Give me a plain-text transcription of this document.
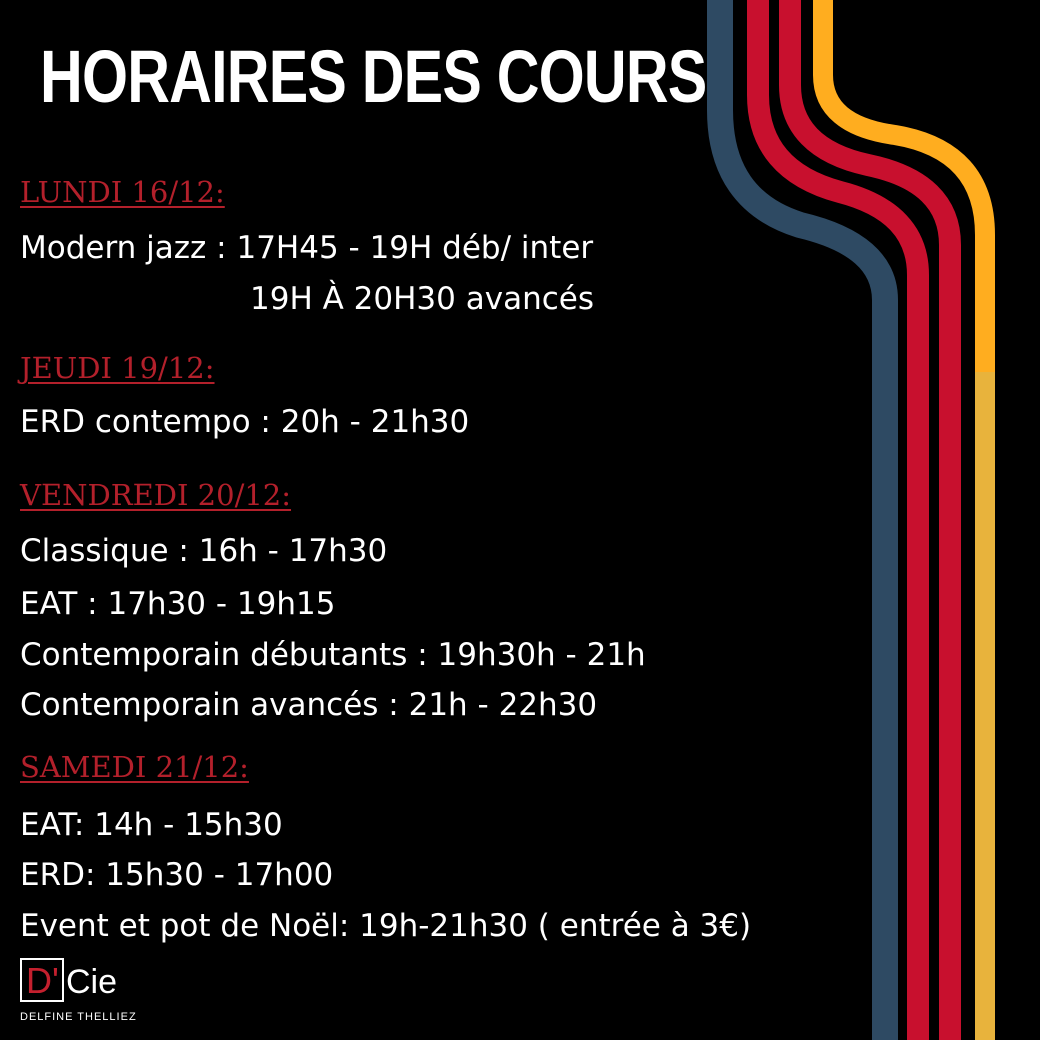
HORAIRES DES COURS
LUNDI 16/12:
Modern jazz : 17H45 - 19H déb/ inter
19H À 20H30 avancés
JEUDI 19/12:
ERD contempo : 20h - 21h30
VENDREDI 20/12:
Classique : 16h - 17h30
EAT : 17h30 - 19h15
Contemporain débutants : 19h30h - 21h
Contemporain avancés : 21h - 22h30
SAMEDI 21/12:
EAT: 14h - 15h30
ERD: 15h30 - 17h00
Event et pot de Noël: 19h-21h30 ( entrée à 3€)
D' Cie
DELFINE THELLIEZ
